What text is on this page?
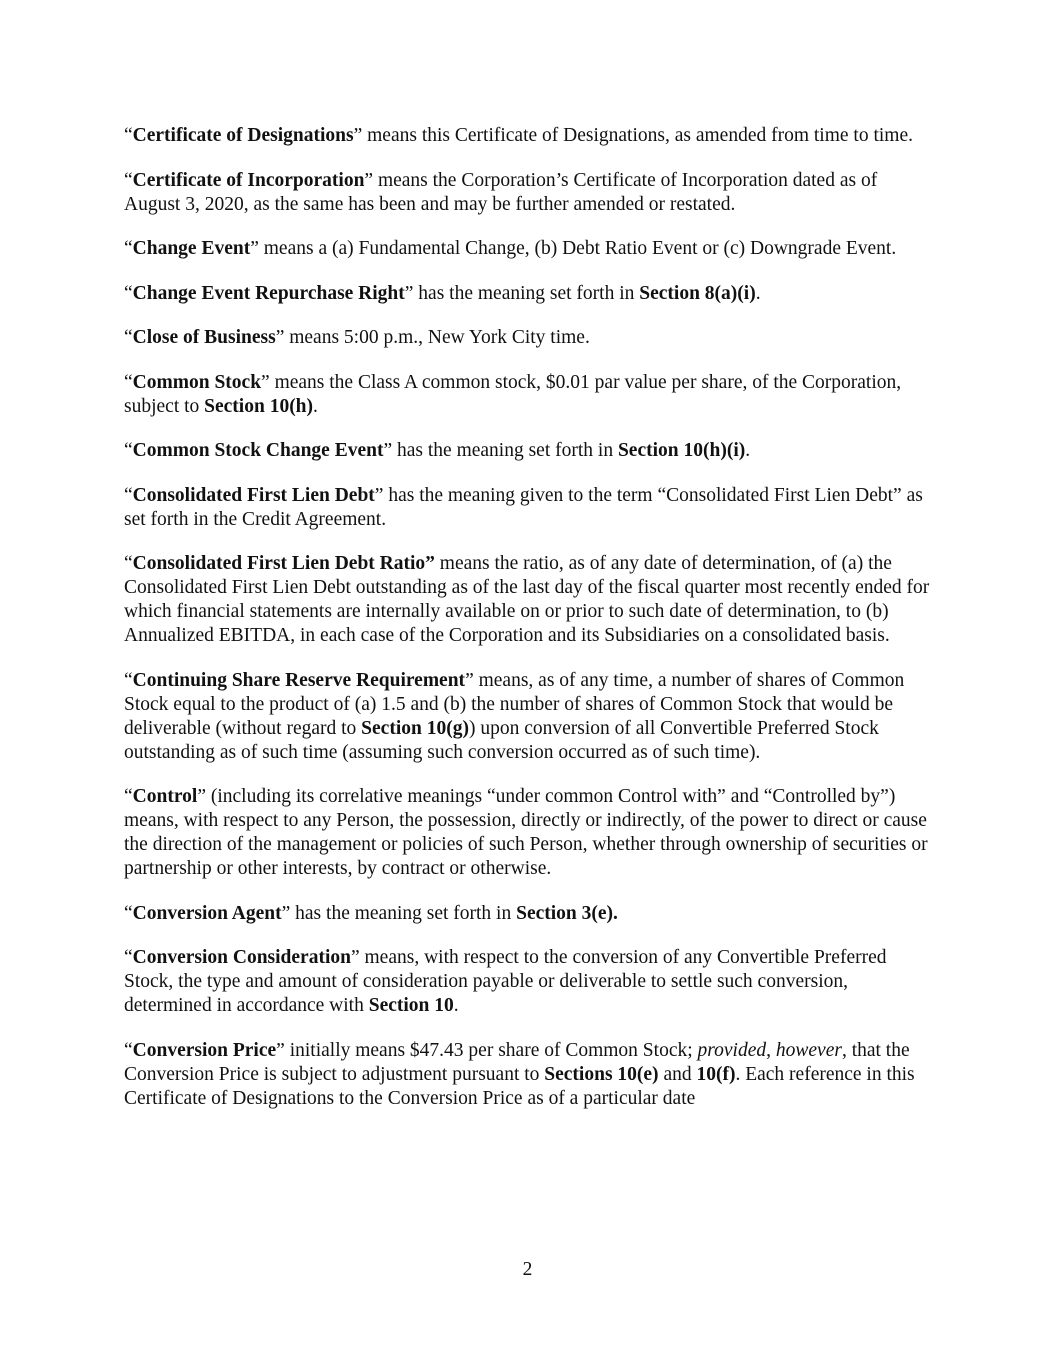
“Certificate of Designations” means this Certificate of Designations, as amended from time to time.

“Certificate of Incorporation” means the Corporation’s Certificate of Incorporation dated as of August 3, 2020, as the same has been and may be further amended or restated.

“Change Event” means a (a) Fundamental Change, (b) Debt Ratio Event or (c) Downgrade Event.

“Change Event Repurchase Right” has the meaning set forth in Section 8(a)(i).

“Close of Business” means 5:00 p.m., New York City time.

“Common Stock” means the Class A common stock, $0.01 par value per share, of the Corporation, subject to Section 10(h).

“Common Stock Change Event” has the meaning set forth in Section 10(h)(i).

“Consolidated First Lien Debt” has the meaning given to the term “Consolidated First Lien Debt” as set forth in the Credit Agreement.

“Consolidated First Lien Debt Ratio” means the ratio, as of any date of determination, of (a) the Consolidated First Lien Debt outstanding as of the last day of the fiscal quarter most recently ended for which financial statements are internally available on or prior to such date of determination, to (b) Annualized EBITDA, in each case of the Corporation and its Subsidiaries on a consolidated basis.

“Continuing Share Reserve Requirement” means, as of any time, a number of shares of Common Stock equal to the product of (a) 1.5 and (b) the number of shares of Common Stock that would be deliverable (without regard to Section 10(g)) upon conversion of all Convertible Preferred Stock outstanding as of such time (assuming such conversion occurred as of such time).

“Control” (including its correlative meanings “under common Control with” and “Controlled by”) means, with respect to any Person, the possession, directly or indirectly, of the power to direct or cause the direction of the management or policies of such Person, whether through ownership of securities or partnership or other interests, by contract or otherwise.

“Conversion Agent” has the meaning set forth in Section 3(e).

“Conversion Consideration” means, with respect to the conversion of any Convertible Preferred Stock, the type and amount of consideration payable or deliverable to settle such conversion, determined in accordance with Section 10.

“Conversion Price” initially means $47.43 per share of Common Stock; provided, however, that the Conversion Price is subject to adjustment pursuant to Sections 10(e) and 10(f). Each reference in this Certificate of Designations to the Conversion Price as of a particular date

2
